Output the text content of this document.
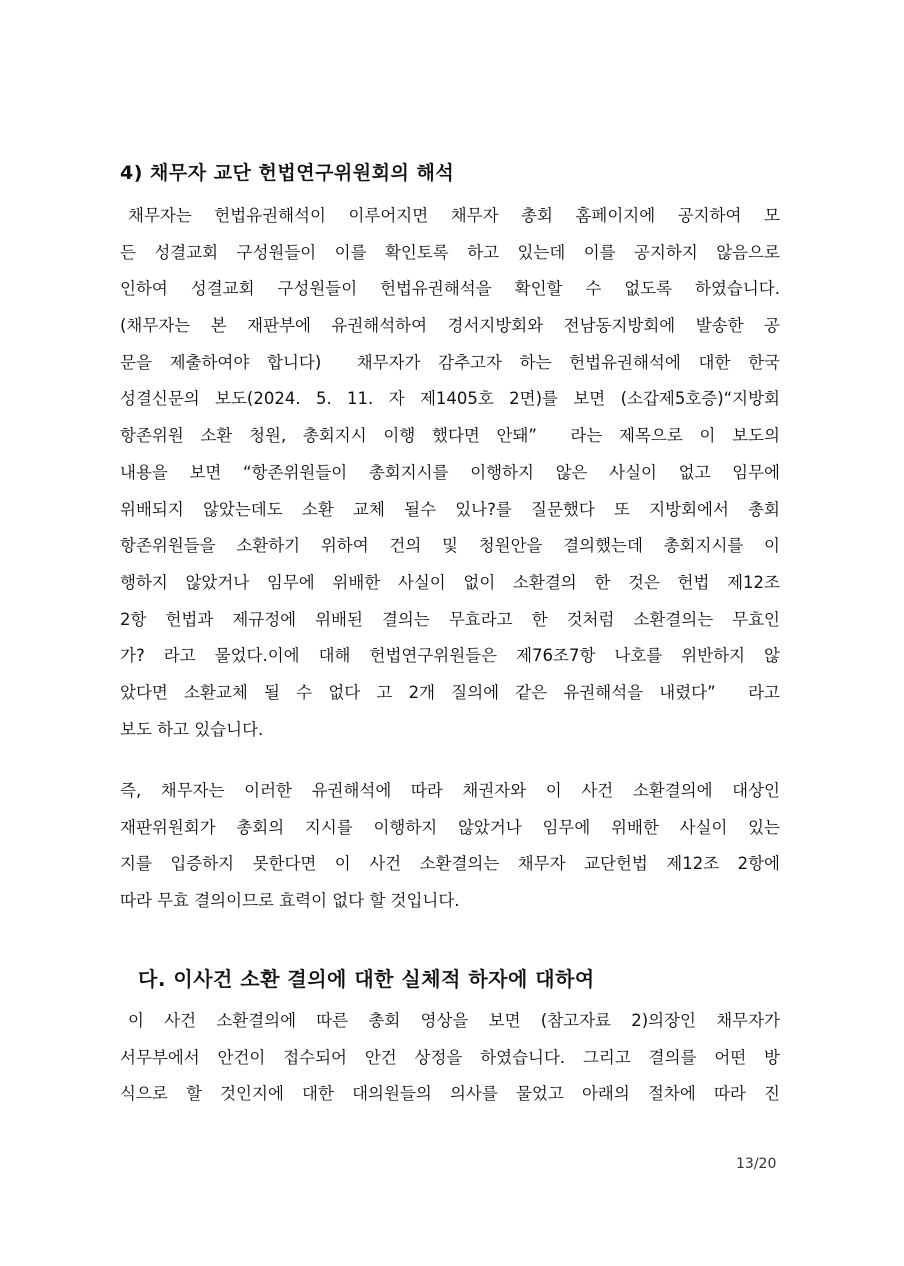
4) 채무자 교단 헌법연구위원회의 해석
채무자는 헌법유권해석이 이루어지면 채무자 총회 홈페이지에 공지하여 모
든 성결교회 구성원들이 이를 확인토록 하고 있는데 이를 공지하지 않음으로
인하여 성결교회 구성원들이 헌법유권해석을 확인할 수 없도록 하였습니다.
(채무자는 본 재판부에 유권해석하여 경서지방회와 전남동지방회에 발송한 공
문을 제출하여야 합니다)  채무자가 감추고자 하는 헌법유권해석에 대한 한국
성결신문의 보도(2024. 5. 11. 자 제1405호 2면)를 보면 (소갑제5호증)“지방회
항존위원 소환 청원, 총회지시 이행 했다면 안돼”  라는 제목으로 이 보도의
내용을 보면 “항존위원들이 총회지시를 이행하지 않은 사실이 없고 임무에
위배되지 않았는데도 소환 교체 될수 있나?를 질문했다 또 지방회에서 총회
항존위원들을 소환하기 위하여 건의 및 청원안을 결의했는데 총회지시를 이
행하지 않았거나 임무에 위배한 사실이 없이 소환결의 한 것은 헌법 제12조
2항 헌법과 제규정에 위배된 결의는 무효라고 한 것처럼 소환결의는 무효인
가? 라고 물었다.이에 대해 헌법연구위원들은 제76조7항 나호를 위반하지 않
았다면 소환교체 될 수 없다 고 2개 질의에 같은 유권해석을 내렸다”  라고
보도 하고 있습니다.
즉, 채무자는 이러한 유권해석에 따라 채권자와 이 사건 소환결의에 대상인
재판위원회가 총회의 지시를 이행하지 않았거나 임무에 위배한 사실이 있는
지를 입증하지 못한다면 이 사건 소환결의는 채무자 교단헌법 제12조 2항에
따라 무효 결의이므로 효력이 없다 할 것입니다.
다. 이사건 소환 결의에 대한 실체적 하자에 대하여
이 사건 소환결의에 따른 총회 영상을 보면 (참고자료 2)의장인 채무자가
서무부에서 안건이 접수되어 안건 상정을 하였습니다. 그리고 결의를 어떤 방
식으로 할 것인지에 대한 대의원들의 의사를 물었고 아래의 절차에 따라 진
13/20
